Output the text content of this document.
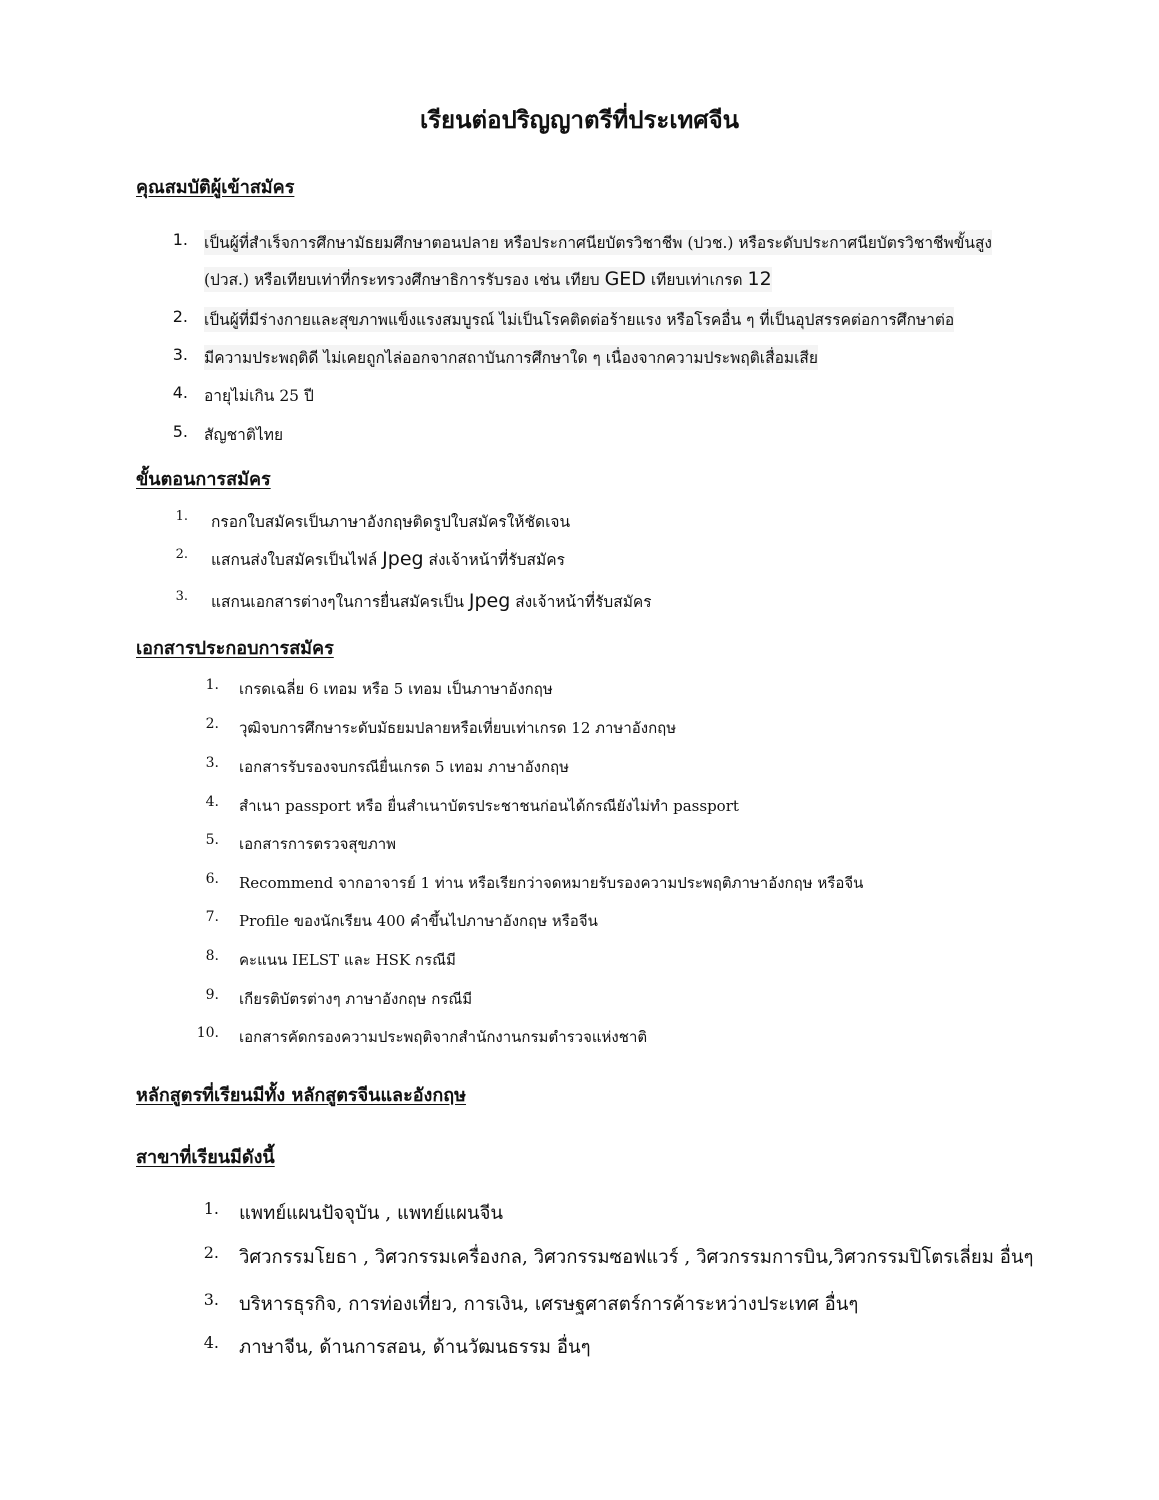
เรียนต่อปริญญาตรีที่ประเทศจีน
คุณสมบัติผู้เข้าสมัคร
1. เป็นผู้ที่สำเร็จการศึกษามัธยมศึกษาตอนปลาย หรือประกาศนียบัตรวิชาชีพ (ปวช.) หรือระดับประกาศนียบัตรวิชาชีพขั้นสูง
(ปวส.) หรือเทียบเท่าที่กระทรวงศึกษาธิการรับรอง เช่น เทียบ GED เทียบเท่าเกรด 12
2. เป็นผู้ที่มีร่างกายและสุขภาพแข็งแรงสมบูรณ์ ไม่เป็นโรคติดต่อร้ายแรง หรือโรคอื่น ๆ ที่เป็นอุปสรรคต่อการศึกษาต่อ
3. มีความประพฤติดี ไม่เคยถูกไล่ออกจากสถาบันการศึกษาใด ๆ เนื่องจากความประพฤติเสื่อมเสีย
4. อายุไม่เกิน 25 ปี
5. สัญชาติไทย
ขั้นตอนการสมัคร
1. กรอกใบสมัครเป็นภาษาอังกฤษติดรูปใบสมัครให้ชัดเจน
2. แสกนส่งใบสมัครเป็นไฟล์ Jpeg ส่งเจ้าหน้าที่รับสมัคร
3. แสกนเอกสารต่างๆในการยื่นสมัครเป็น Jpeg ส่งเจ้าหน้าที่รับสมัคร
เอกสารประกอบการสมัคร
1. เกรดเฉลี่ย 6 เทอม หรือ 5 เทอม เป็นภาษาอังกฤษ
2. วุฒิจบการศึกษาระดับมัธยมปลายหรือเที่ยบเท่าเกรด 12 ภาษาอังกฤษ
3. เอกสารรับรองจบกรณียื่นเกรด 5 เทอม ภาษาอังกฤษ
4. สำเนา passport หรือ ยื่นสำเนาบัตรประชาชนก่อนได้กรณียังไม่ทำ passport
5. เอกสารการตรวจสุขภาพ
6. Recommend จากอาจารย์ 1 ท่าน หรือเรียกว่าจดหมายรับรองความประพฤติภาษาอังกฤษ หรือจีน
7. Profile ของนักเรียน 400 คำขึ้นไปภาษาอังกฤษ หรือจีน
8. คะแนน IELST และ HSK กรณีมี
9. เกียรติบัตรต่างๆ ภาษาอังกฤษ กรณีมี
10. เอกสารคัดกรองความประพฤติจากสำนักงานกรมตำรวจแห่งชาติ
หลักสูตรที่เรียนมีทั้ง หลักสูตรจีนและอังกฤษ
สาขาที่เรียนมีดังนี้
1. แพทย์แผนปัจจุบัน , แพทย์แผนจีน
2. วิศวกรรมโยธา , วิศวกรรมเครื่องกล, วิศวกรรมซอฟแวร์ , วิศวกรรมการบิน,วิศวกรรมปิโตรเลี่ยม อื่นๆ
3. บริหารธุรกิจ, การท่องเที่ยว, การเงิน, เศรษฐศาสตร์การค้าระหว่างประเทศ อื่นๆ
4. ภาษาจีน, ด้านการสอน, ด้านวัฒนธรรม อื่นๆ
